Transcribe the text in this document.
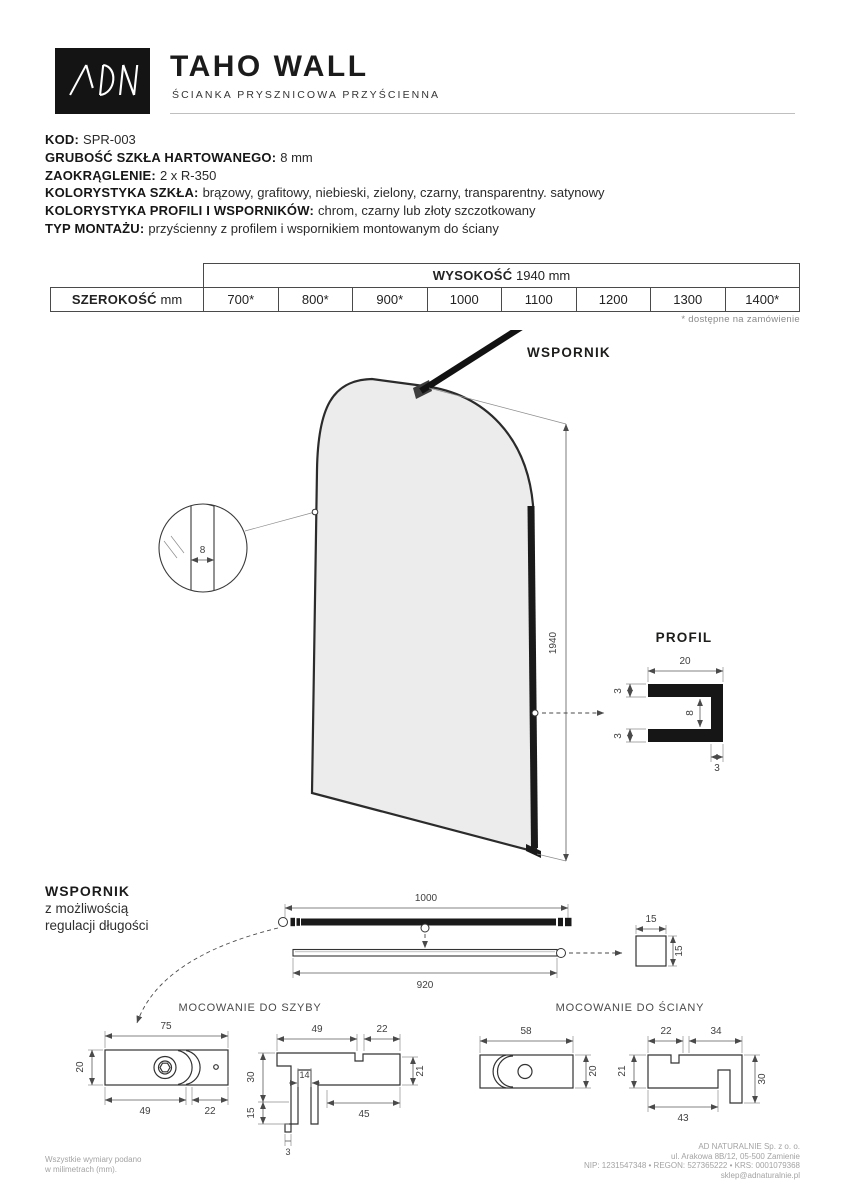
TAHO WALL
ŚCIANKA PRYSZNICOWA PRZYŚCIENNA
KOD: SPR-003
GRUBOŚĆ SZKŁA HARTOWANEGO: 8 mm
ZAOKRĄGLENIE: 2 x R-350
KOLORYSTYKA SZKŁA: brązowy, grafitowy, niebieski, zielony, czarny, transparentny. satynowy
KOLORYSTYKA PROFILI I WSPORNIKÓW: chrom, czarny lub złoty szczotkowany
TYP MONTAŻU: przyścienny z profilem i wspornikiem montowanym do ściany
	WYSOKOŚĆ 1940 mm							
SZEROKOŚĆ mm	700*	800*	900*	1000	1100	1200	1300	1400*
* dostępne na zamówienie
WSPORNIK
8
1940	PROFIL
20
3
3
8
3
1000
920
15
15
75
20
49	22
49	22
30
15
14	21
45
3
58
20
22	34
21
30
43
WSPORNIK
z możliwością
regulacji długości
MOCOWANIE DO SZYBY	MOCOWANIE DO ŚCIANY
Wszystkie wymiary podano
w milimetrach (mm).
AD NATURALNIE Sp. z o. o.
ul. Arakowa 8B/12, 05-500 Zamienie
NIP: 1231547348 • REGON: 527365222 • KRS: 0001079368
sklep@adnaturalnie.pl
